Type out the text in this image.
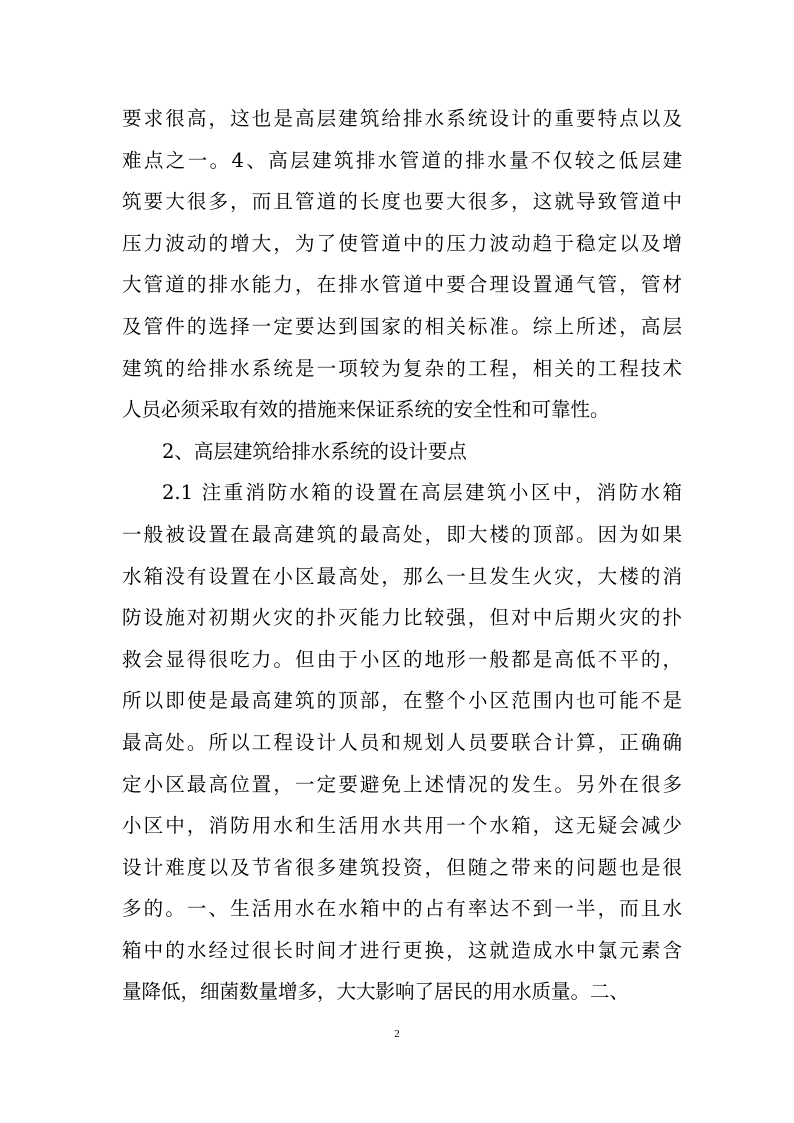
要求很高，这也是高层建筑给排水系统设计的重要特点以及
难点之一。4、高层建筑排水管道的排水量不仅较之低层建
筑要大很多，而且管道的长度也要大很多，这就导致管道中
压力波动的增大，为了使管道中的压力波动趋于稳定以及增
大管道的排水能力，在排水管道中要合理设置通气管，管材
及管件的选择一定要达到国家的相关标准。综上所述，高层
建筑的给排水系统是一项较为复杂的工程，相关的工程技术
人员必须采取有效的措施来保证系统的安全性和可靠性。
2、高层建筑给排水系统的设计要点
2.1 注重消防水箱的设置在高层建筑小区中，消防水箱
一般被设置在最高建筑的最高处，即大楼的顶部。因为如果
水箱没有设置在小区最高处，那么一旦发生火灾，大楼的消
防设施对初期火灾的扑灭能力比较强，但对中后期火灾的扑
救会显得很吃力。但由于小区的地形一般都是高低不平的，
所以即使是最高建筑的顶部，在整个小区范围内也可能不是
最高处。所以工程设计人员和规划人员要联合计算，正确确
定小区最高位置，一定要避免上述情况的发生。另外在很多
小区中，消防用水和生活用水共用一个水箱，这无疑会减少
设计难度以及节省很多建筑投资，但随之带来的问题也是很
多的。一、生活用水在水箱中的占有率达不到一半，而且水
箱中的水经过很长时间才进行更换，这就造成水中氯元素含
量降低，细菌数量增多，大大影响了居民的用水质量。二、
2
